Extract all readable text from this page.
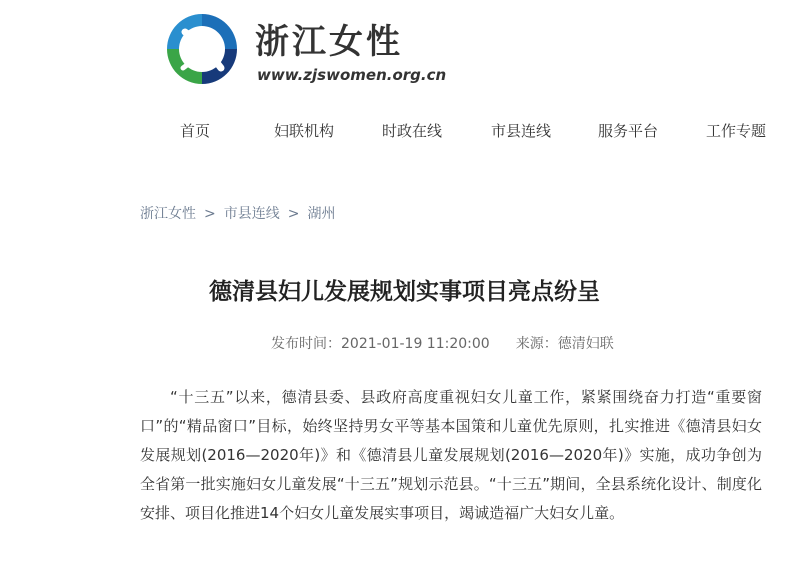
浙江女性
www.zjswomen.org.cn
首页	妇联机构	时政在线	市县连线	服务平台	工作专题
浙江女性 > 市县连线 > 湖州
德清县妇儿发展规划实事项目亮点纷呈
发布时间：2021-01-19 11:20:00 来源：德清妇联

“十三五”以来，德清县委、县政府高度重视妇女儿童工作，紧紧围绕奋力打造“重要窗口”的“精品窗口”目标，始终坚持男女平等基本国策和儿童优先原则，扎实推进《德清县妇女发展规划(2016—2020年)》和《德清县儿童发展规划(2016—2020年)》实施，成功争创为全省第一批实施妇女儿童发展“十三五”规划示范县。“十三五”期间，全县系统化设计、制度化安排、项目化推进14个妇女儿童发展实事项目，竭诚造福广大妇女儿童。
